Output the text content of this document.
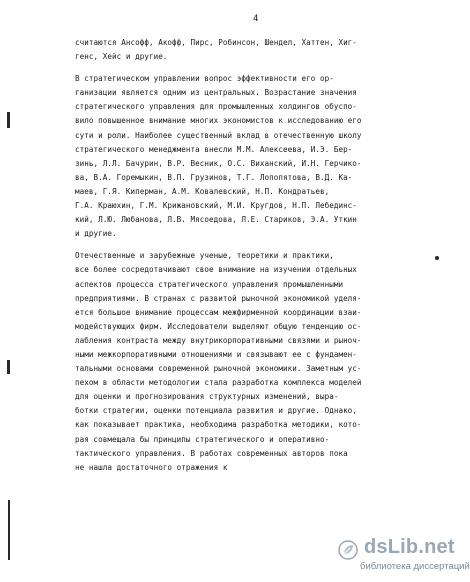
4
считаются Ансофф, Акофф, Пирс, Робинсон, Шендел, Хаттен, Хиг-
генс, Хейс и другие.
В стратегическом управлении вопрос эффективности его ор-
ганизации является одним из центральных. Возрастание значения
стратегического управления для промышленных холдингов обуспо-
вило повышенное внимание многих экономистов к исследованию его
сути и роли. Наиболее существенный вклад в отечественную школу
стратегического менеджмента внесли М.М. Алексеева, И.Э. Бер-
зинь, Л.Л. Бачурин, В.Р. Весник, О.С. Виханский, И.Н. Герчико-
ва, В.А. Горемыкин, В.П. Грузинов, Т.Г. Лопопятова, В.Д. Ка-
маев, Г.Я. Киперман, А.М. Ковалевский, Н.П. Кондратьев,
Г.А. Краюхин, Г.М. Крижановский, М.И. Кругдов, Н.П. Лебединс-
кий, Л.Ю. Любанова, Л.В. Мясоедова, Л.Е. Стариков, Э.А. Уткин
и другие.
Отечественные и зарубежные ученые, теоретики и практики,
все более сосредотачивают свое внимание на изучении отдельных
аспектов процесса стратегического управления промышленными
предприятиями. В странах с развитой рыночной экономикой уделя-
ется большое внимание процессам межфирменной координации взаи-
модействующих фирм. Исследователи выделяют общую тенденцию ос-
лабления контраста между внутрикорпоративными связями и рыноч-
ными межкорпоративными отношениями и связывают ее с фундамен-
тальными основами современной рыночной экономики. Заметным ус-
пехом в области методологии стала разработка комплекса моделей
для оценки и прогнозирования структурных изменений, выра-
ботки стратегии, оценки потенциала развития и другие. Однако,
как показывает практика, необходима разработка методики, кото-
рая совмещала бы принципы стратегического и оперативно-
тактического управления. В работах современных авторов пока
не нашла достаточного отражения к
dsLib.net
библиотека диссертаций
